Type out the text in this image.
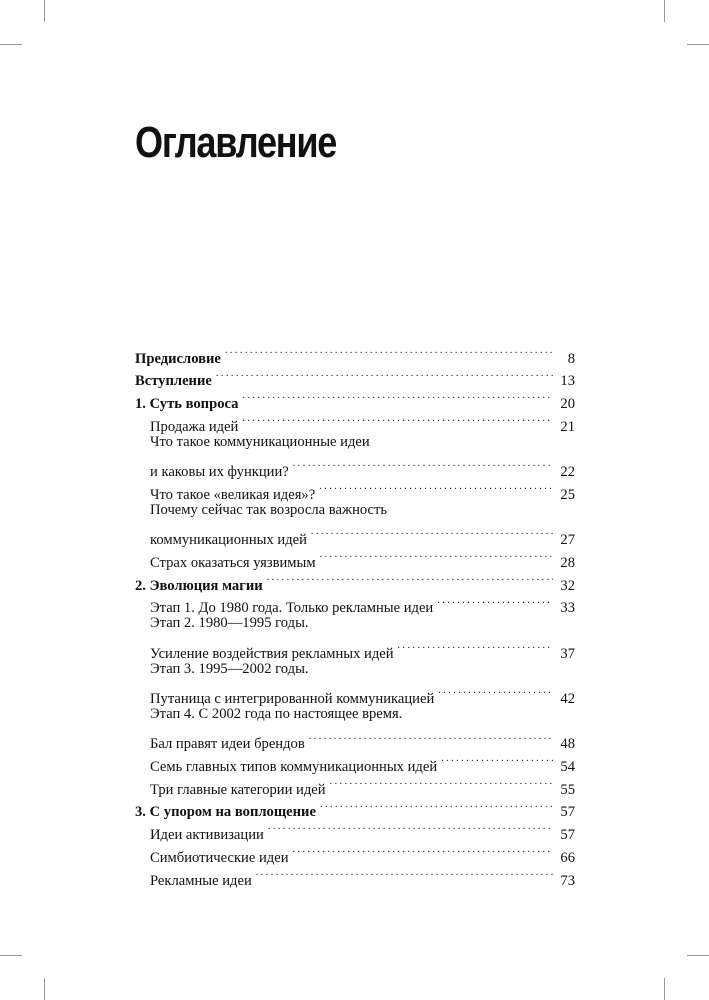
Оглавление
Предисловие . . .	8
Вступление . . .	13
1. Суть вопроса . . .	20
Продажа идей . . .	21
Что такое коммуникационные идеи
и каковы их функции? . . .	22
Что такое «великая идея»? . . .	25
Почему сейчас так возросла важность
коммуникационных идей . . .	27
Страх оказаться уязвимым . . .	28
2. Эволюция магии . . .	32
Этап 1. До 1980 года. Только рекламные идеи . . .	33
Этап 2. 1980—1995 годы.
Усиление воздействия рекламных идей . . .	37
Этап 3. 1995—2002 годы.
Путаница с интегрированной коммуникацией . . .	42
Этап 4. С 2002 года по настоящее время.
Бал правят идеи брендов . . .	48
Семь главных типов коммуникационных идей . . .	54
Три главные категории идей . . .	55
3. С упором на воплощение . . .	57
Идеи активизации . . .	57
Симбиотические идеи . . .	66
Рекламные идеи . . .	73
